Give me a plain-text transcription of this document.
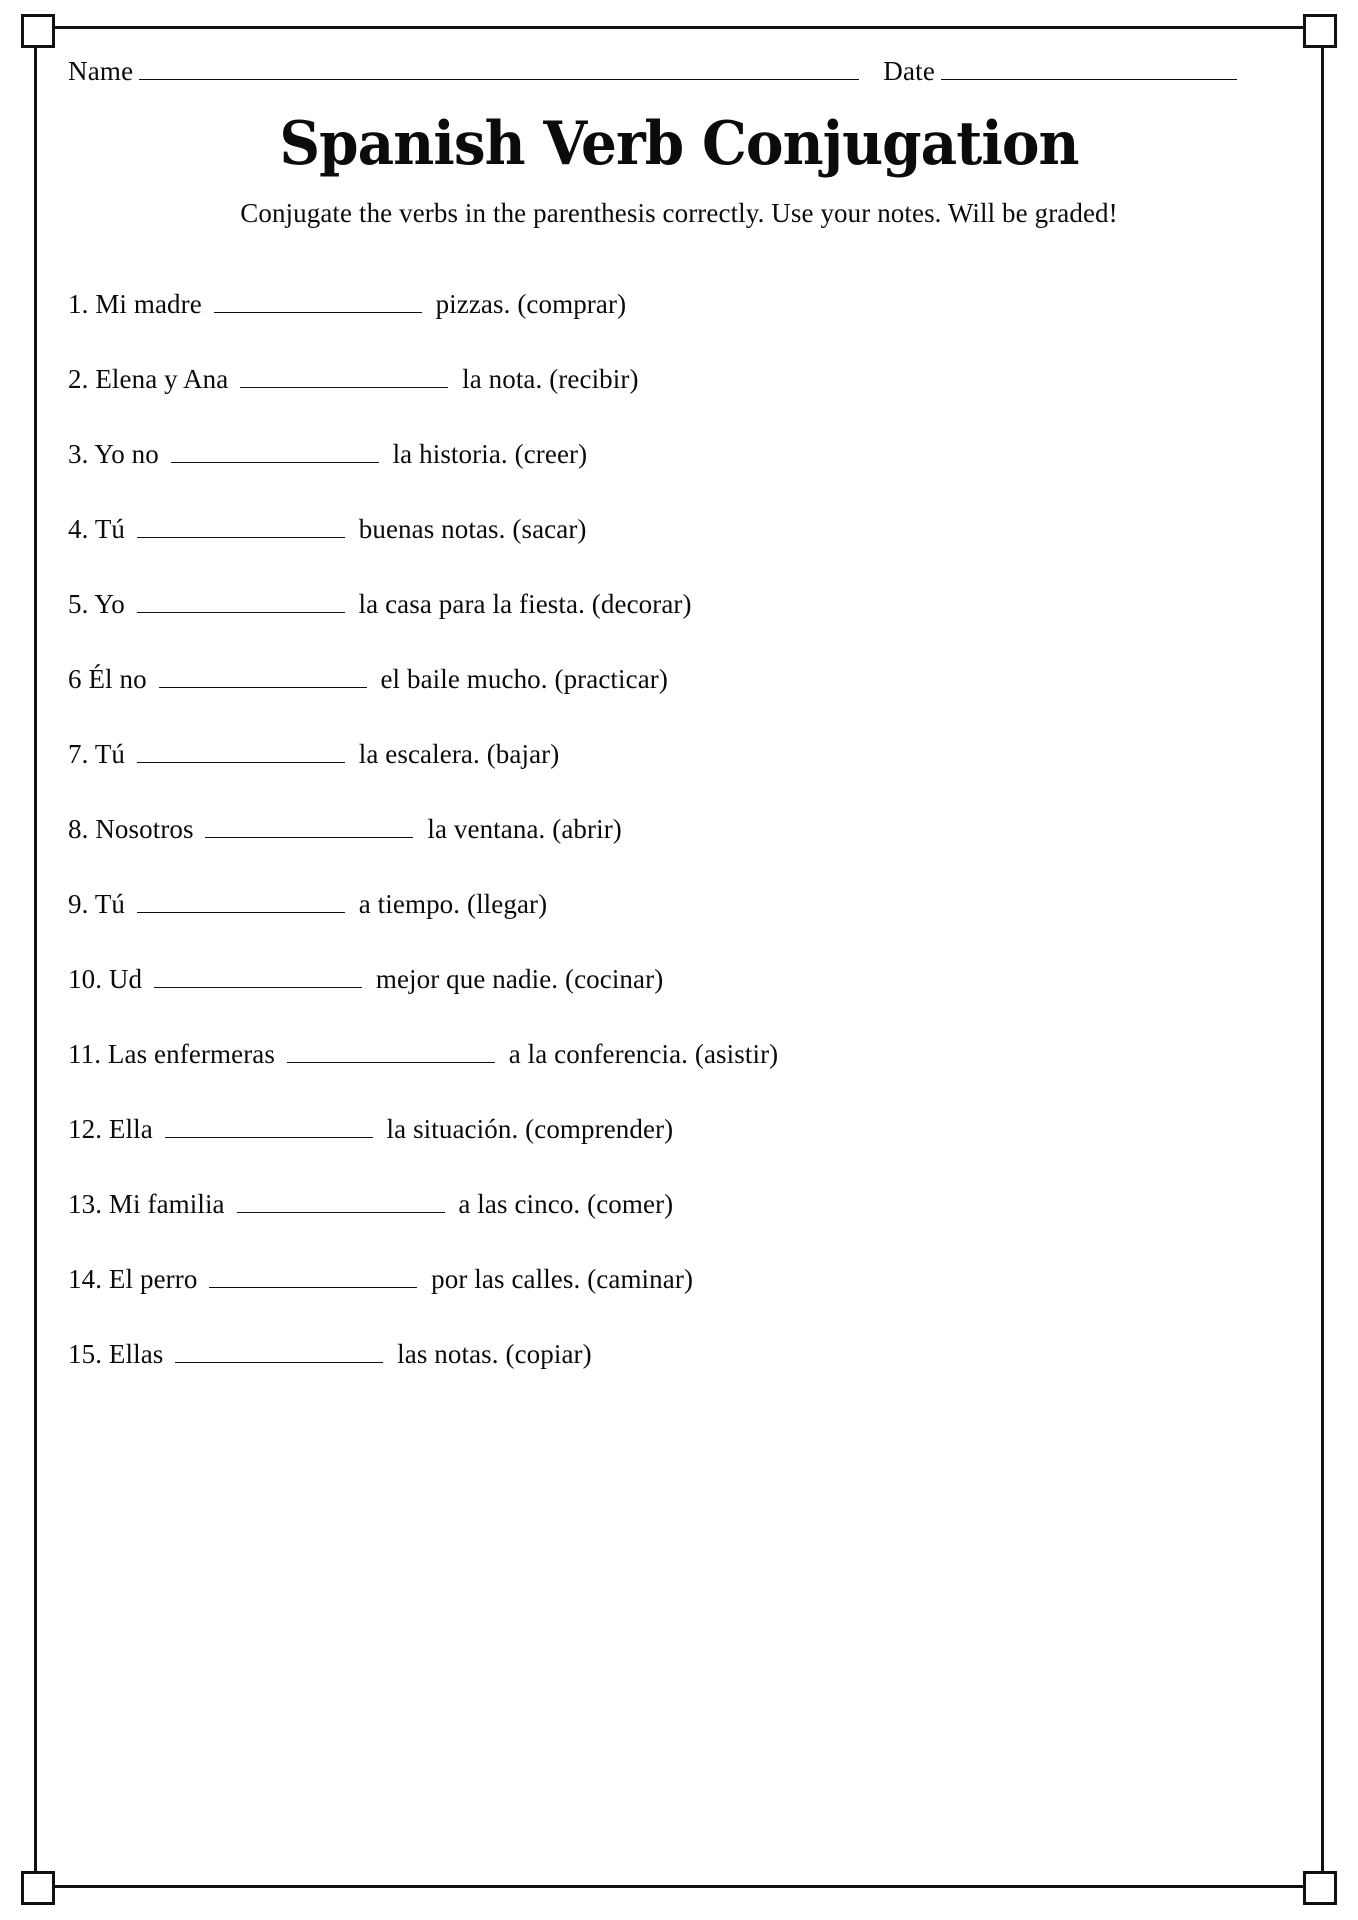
Name	Date
Spanish Verb Conjugation
Conjugate the verbs in the parenthesis correctly. Use your notes. Will be graded!
1. Mi madre	pizzas. (comprar)
2. Elena y Ana	la nota. (recibir)
3. Yo no	la historia. (creer)
4. Tú	buenas notas. (sacar)
5. Yo	la casa para la fiesta. (decorar)
6 Él no	el baile mucho. (practicar)
7. Tú	la escalera. (bajar)
8. Nosotros	la ventana. (abrir)
9. Tú	a tiempo. (llegar)
10. Ud	mejor que nadie. (cocinar)
11. Las enfermeras	a la conferencia. (asistir)
12. Ella	la situación. (comprender)
13. Mi familia	a las cinco. (comer)
14. El perro	por las calles. (caminar)
15. Ellas	las notas. (copiar)
